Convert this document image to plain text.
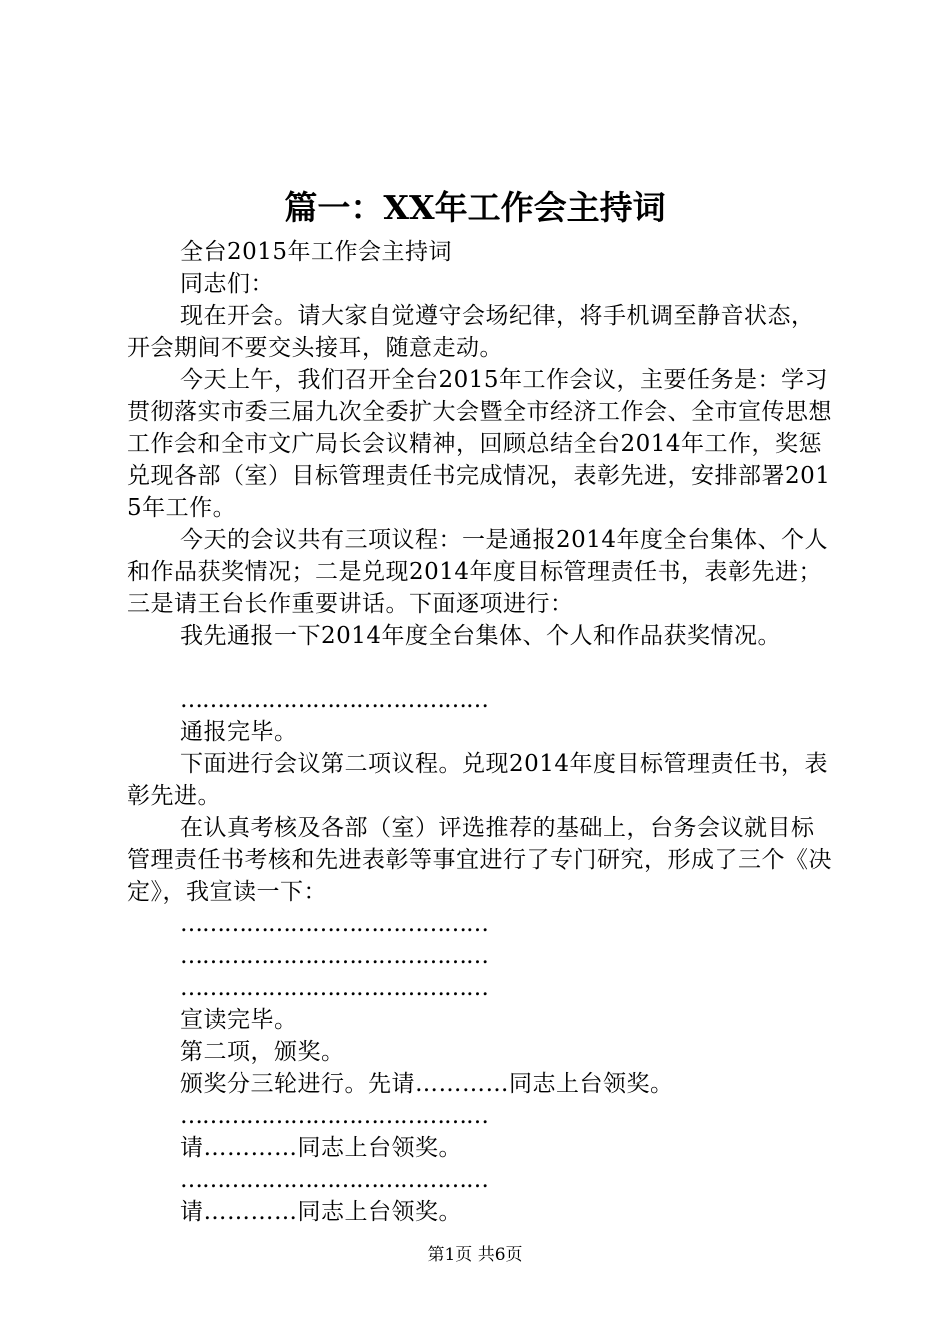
篇一：XX年工作会主持词

全台2015年工作会主持词

同志们：

现在开会。请大家自觉遵守会场纪律，将手机调至静音状态，开会期间不要交头接耳，随意走动。

今天上午，我们召开全台2015年工作会议，主要任务是：学习贯彻落实市委三届九次全委扩大会暨全市经济工作会、全市宣传思想工作会和全市文广局长会议精神，回顾总结全台2014年工作，奖惩兑现各部（室）目标管理责任书完成情况，表彰先进，安排部署2015年工作。

今天的会议共有三项议程：一是通报2014年度全台集体、个人和作品获奖情况；二是兑现2014年度目标管理责任书，表彰先进；三是请王台长作重要讲话。下面逐项进行：

我先通报一下2014年度全台集体、个人和作品获奖情况。

……………………………………

通报完毕。

下面进行会议第二项议程。兑现2014年度目标管理责任书，表彰先进。

在认真考核及各部（室）评选推荐的基础上，台务会议就目标管理责任书考核和先进表彰等事宜进行了专门研究，形成了三个《决定》，我宣读一下：

……………………………………

……………………………………

……………………………………

宣读完毕。

第二项，颁奖。

颁奖分三轮进行。先请…………同志上台领奖。

……………………………………

请…………同志上台领奖。

……………………………………

请…………同志上台领奖。

第1页 共6页
